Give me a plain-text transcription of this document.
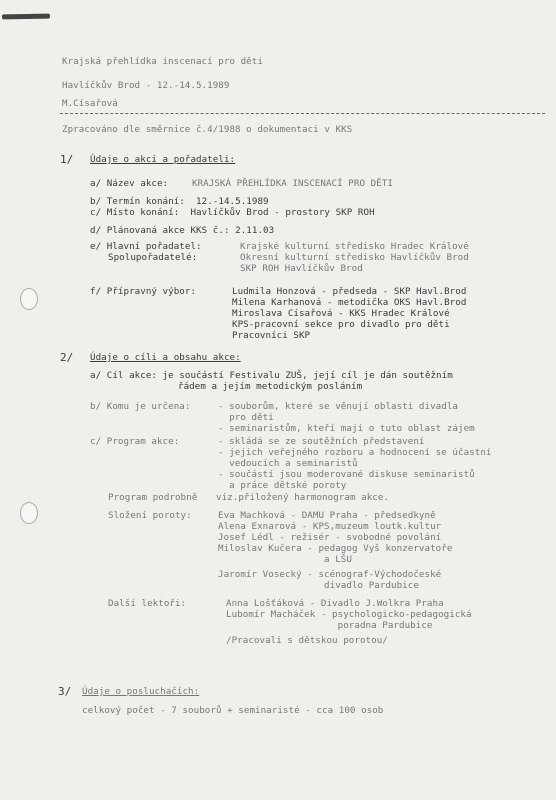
Krajská přehlídka inscenací pro děti
Havlíčkův Brod - 12.-14.5.1989
M.Císařová
Zpracováno dle směrnice č.4/1988 o dokumentaci v KKS
1/ Údaje o akci a pořadateli:
a/ Název akce:	KRAJSKÁ PŘEHLÍDKA INSCENACÍ PRO DĚTI
b/ Termín konání:  12.-14.5.1989
c/ Místo konání:  Havlíčkův Brod - prostory SKP ROH
d/ Plánovaná akce KKS č.: 2.11.03
e/ Hlavní pořadatel:	Krajské kulturní středisko Hradec Králové
Spolupořadatelé:	Okresní kulturní středisko Havlíčkův Brod
SKP ROH Havlíčkův Brod
f/ Přípravný výbor:	Ludmila Honzová - předseda - SKP Havl.Brod
Milena Karhanová - metodička OKS Havl.Brod
Miroslava Císařová - KKS Hradec Králové
KPS-pracovní sekce pro divadlo pro děti
Pracovníci SKP
2/ Údaje o cíli a obsahu akce:
a/ Cíl akce: je součástí Festivalu ZUŠ, její cíl je dán soutěžním
řádem a jejím metodickým posláním
b/ Komu je určena:	- souborům, které se věnují oblasti divadla
pro děti
- seminaristům, kteří mají o tuto oblast zájem
c/ Program akce:	- skládá se ze soutěžních představení
- jejich veřejného rozboru a hodnocení se účastní
vedoucích a seminaristů
- součástí jsou moderované diskuse seminaristů
a práce dětské poroty
Program podrobně viz.přiložený harmonogram akce.
Složení poroty:	Eva Machková - DAMU Praha - předsedkyně
Alena Exnarová - KPS,muzeum loutk.kultur
Josef Lédl - režisér - svobodné povolání
Miloslav Kučera - pedagog Vyš konzervatoře
a LŠU
Jaromír Vosecký - scénograf-Východočeské
divadlo Pardubice
Další lektoři:	Anna Lošťáková - Divadlo J.Wolkra Praha
Lubomír Macháček - psychologicko-pedagogická
poradna Pardubice
/Pracovali s dětskou porotou/
3/ Údaje o posluchačích:
celkový počet - 7 souborů + seminaristé - cca 100 osob
